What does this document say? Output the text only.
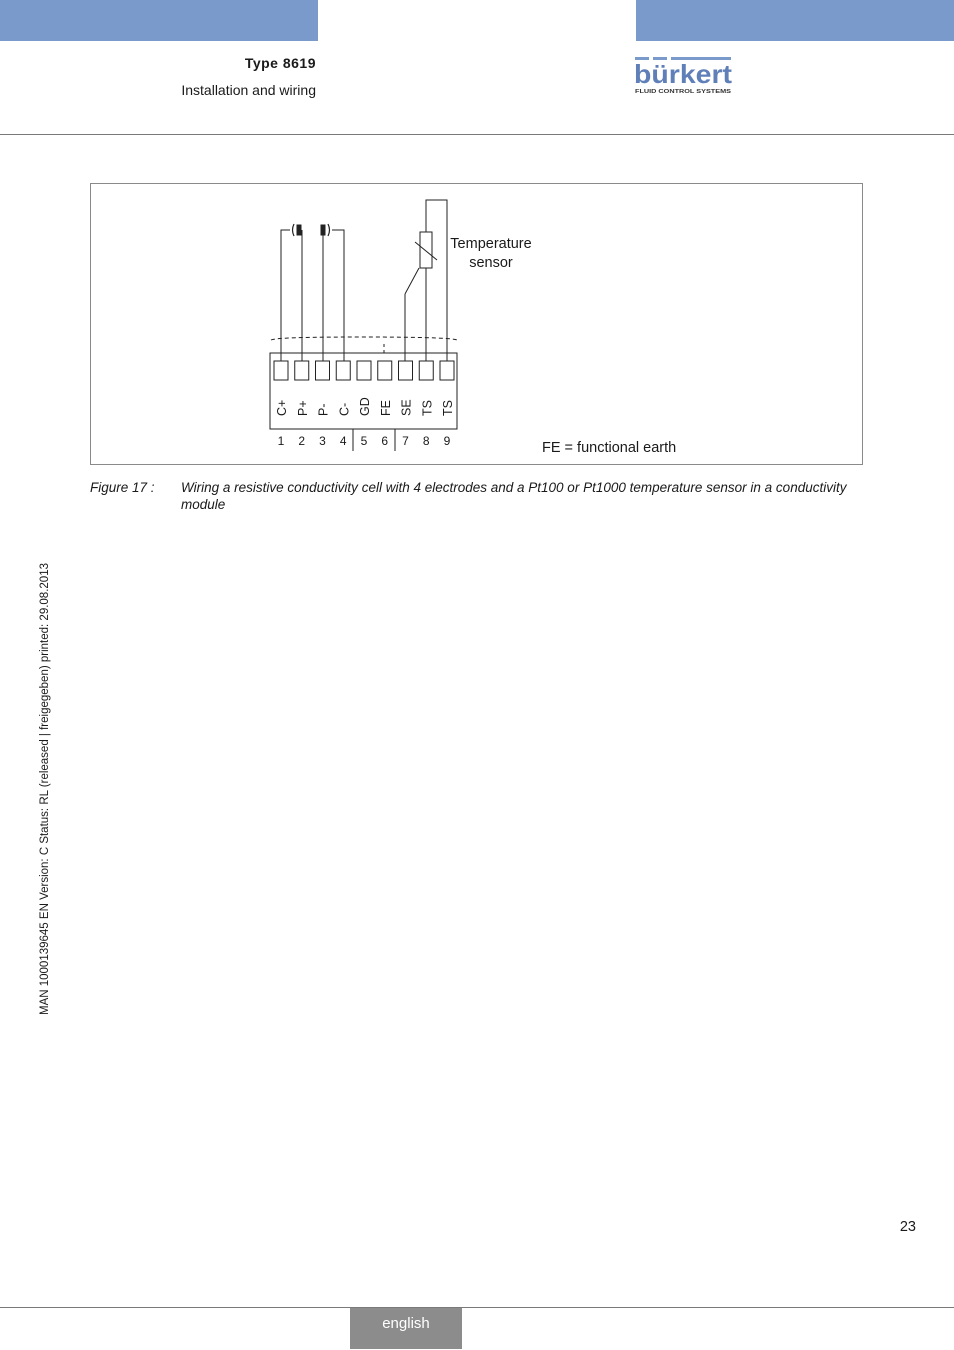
Type 8619
Installation and wiring
bürkert
FLUID CONTROL SYSTEMS
Temperature
sensor
FE = functional earth
C+
1
P+
2
P-
3
C-
4
GD
5
FE
6
SE
7
TS
8
TS
9
Figure 17 : Wiring a resistive conductivity cell with 4 electrodes and a Pt100 or Pt1000 temperature sensor in a conductivity module
MAN 1000139645 EN Version: C Status: RL (released | freigegeben) printed: 29.08.2013
23
english
